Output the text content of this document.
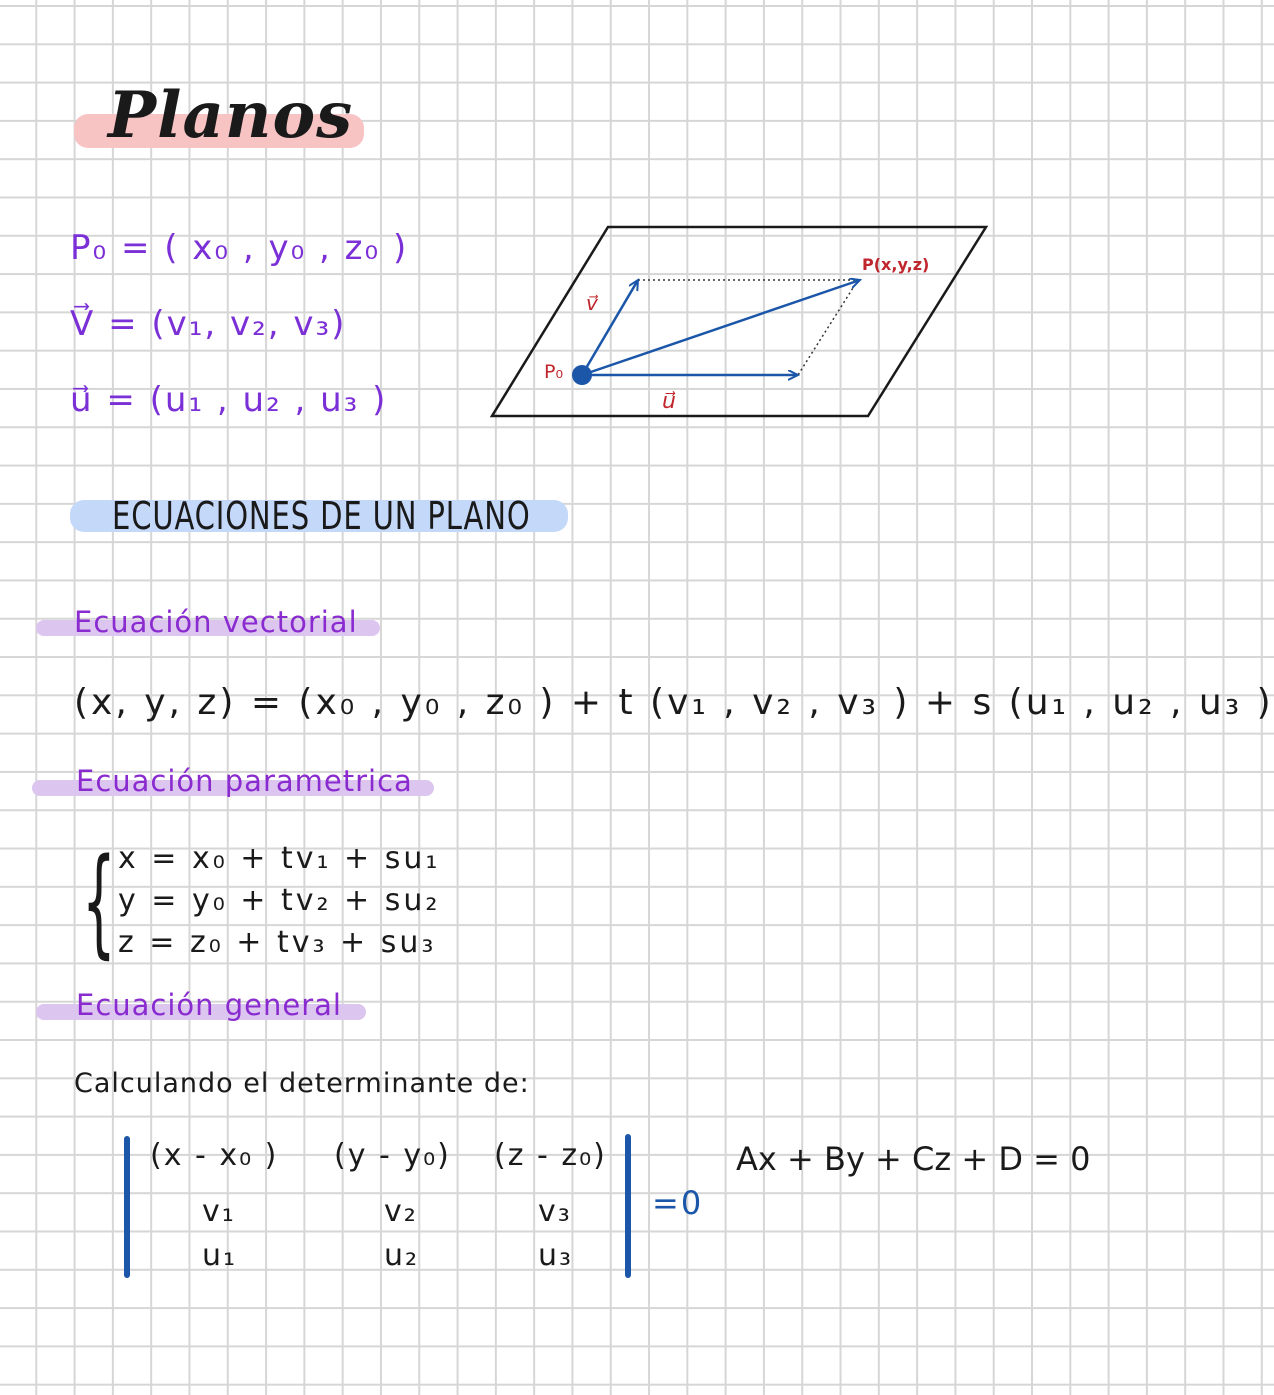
Planos
P₀ = ( x₀ , y₀ , z₀ )
V⃗ = (v₁, v₂, v₃)
u⃗ = (u₁ , u₂ , u₃ )
P₀
v⃗
u⃗
P(x,y,z)
ECUACIONES DE UN PLANO
Ecuación vectorial
(x, y, z) = (x₀ , y₀ , z₀ ) + t (v₁ , v₂ , v₃ ) + s (u₁ , u₂ , u₃ )
Ecuación parametrica
{ x = x₀ + tv₁ + su₁
y = y₀ + tv₂ + su₂
z = z₀ + tv₃ + su₃
Ecuación general
Calculando el determinante de:
(x - x₀ ) (y - y₀) (z - z₀)
v₁	v₂	v₃
u₁	u₂	u₃
=0
Ax + By + Cz + D = 0
